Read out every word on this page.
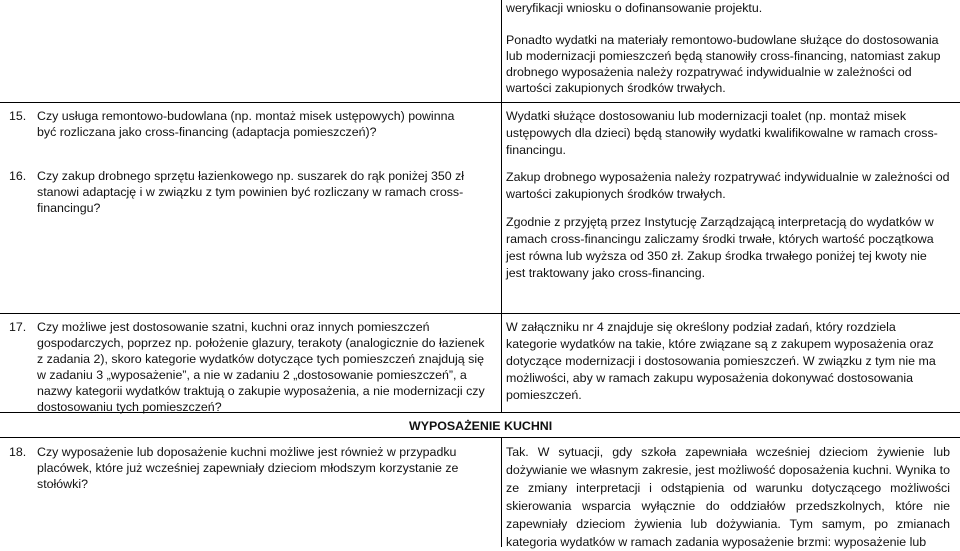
weryfikacji wniosku o dofinansowanie projektu.

Ponadto wydatki na materiały remontowo-budowlane służące do dostosowania lub modernizacji pomieszczeń będą stanowiły cross-financing, natomiast zakup drobnego wyposażenia należy rozpatrywać indywidualnie w zależności od wartości zakupionych środków trwałych.

15. Czy usługa remontowo-budowlana (np. montaż misek ustępowych) powinna być rozliczana jako cross-financing (adaptacja pomieszczeń)?

Wydatki służące dostosowaniu lub modernizacji toalet (np. montaż misek ustępowych dla dzieci) będą stanowiły wydatki kwalifikowalne w ramach cross-financingu.

16. Czy zakup drobnego sprzętu łazienkowego np. suszarek do rąk poniżej 350 zł stanowi adaptację i w związku z tym powinien być rozliczany w ramach cross-financingu?

Zakup drobnego wyposażenia należy rozpatrywać indywidualnie w zależności od wartości zakupionych środków trwałych.

Zgodnie z przyjętą przez Instytucję Zarządzającą interpretacją do wydatków w ramach cross-financingu zaliczamy środki trwałe, których wartość początkowa jest równa lub wyższa od 350 zł. Zakup środka trwałego poniżej tej kwoty nie jest traktowany jako cross-financing.

17. Czy możliwe jest dostosowanie szatni, kuchni oraz innych pomieszczeń gospodarczych, poprzez np. położenie glazury, terakoty (analogicznie do łazienek z zadania 2), skoro kategorie wydatków dotyczące tych pomieszczeń znajdują się w zadaniu 3 „wyposażenie”, a nie w zadaniu 2 „dostosowanie pomieszczeń”, a nazwy kategorii wydatków traktują o zakupie wyposażenia, a nie modernizacji czy dostosowaniu tych pomieszczeń?

W załączniku nr 4 znajduje się określony podział zadań, który rozdziela kategorie wydatków na takie, które związane są z zakupem wyposażenia oraz dotyczące modernizacji i dostosowania pomieszczeń. W związku z tym nie ma możliwości, aby w ramach zakupu wyposażenia dokonywać dostosowania pomieszczeń.

WYPOSAŻENIE KUCHNI
18. Czy wyposażenie lub doposażenie kuchni możliwe jest również w przypadku placówek, które już wcześniej zapewniały dzieciom młodszym korzystanie ze stołówki?

Tak. W sytuacji, gdy szkoła zapewniała wcześniej dzieciom żywienie lub dożywianie we własnym zakresie, jest możliwość doposażenia kuchni. Wynika to ze zmiany interpretacji i odstąpienia od warunku dotyczącego możliwości skierowania wsparcia wyłącznie do oddziałów przedszkolnych, które nie zapewniały dzieciom żywienia lub dożywiania. Tym samym, po zmianach kategoria wydatków w ramach zadania wyposażenie brzmi: wyposażenie lub
